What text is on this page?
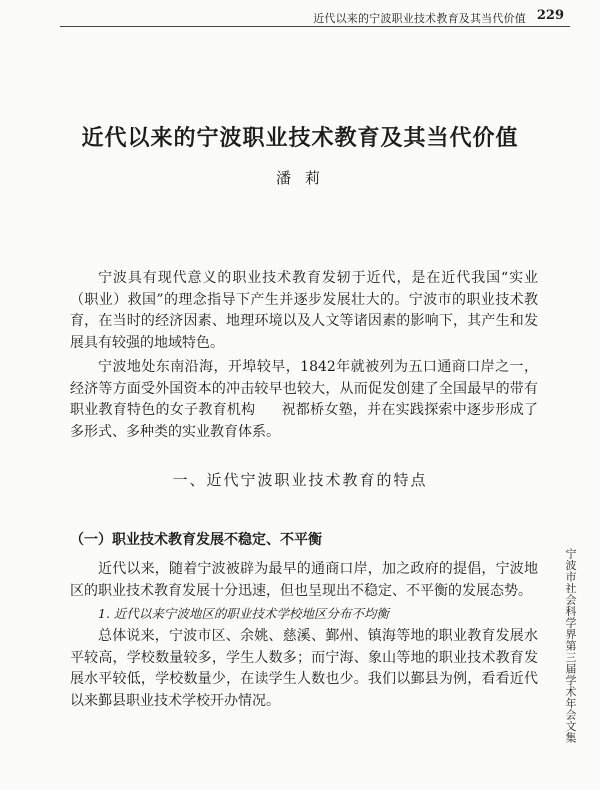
近代以来的宁波职业技术教育及其当代价值 229
近代以来的宁波职业技术教育及其当代价值
潘莉

宁波具有现代意义的职业技术教育发轫于近代，是在近代我国“实业（职业）救国”的理念指导下产生并逐步发展壮大的。宁波市的职业技术教育，在当时的经济因素、地理环境以及人文等诸因素的影响下，其产生和发展具有较强的地域特色。

宁波地处东南沿海，开埠较早，1842年就被列为五口通商口岸之一，经济等方面受外国资本的冲击较早也较大，从而促发创建了全国最早的带有职业教育特色的女子教育机构 祝都桥女塾，并在实践探索中逐步形成了多形式、多种类的实业教育体系。

一、近代宁波职业技术教育的特点
（一）职业技术教育发展不稳定、不平衡

近代以来，随着宁波被辟为最早的通商口岸，加之政府的提倡，宁波地区的职业技术教育发展十分迅速，但也呈现出不稳定、不平衡的发展态势。

1. 近代以来宁波地区的职业技术学校地区分布不均衡

总体说来，宁波市区、余姚、慈溪、鄞州、镇海等地的职业教育发展水平较高，学校数量较多，学生人数多；而宁海、象山等地的职业技术教育发展水平较低，学校数量少，在读学生人数也少。我们以鄞县为例，看看近代以来鄞县职业技术学校开办情况。	宁波市社会科学界第三届学术年会文集
